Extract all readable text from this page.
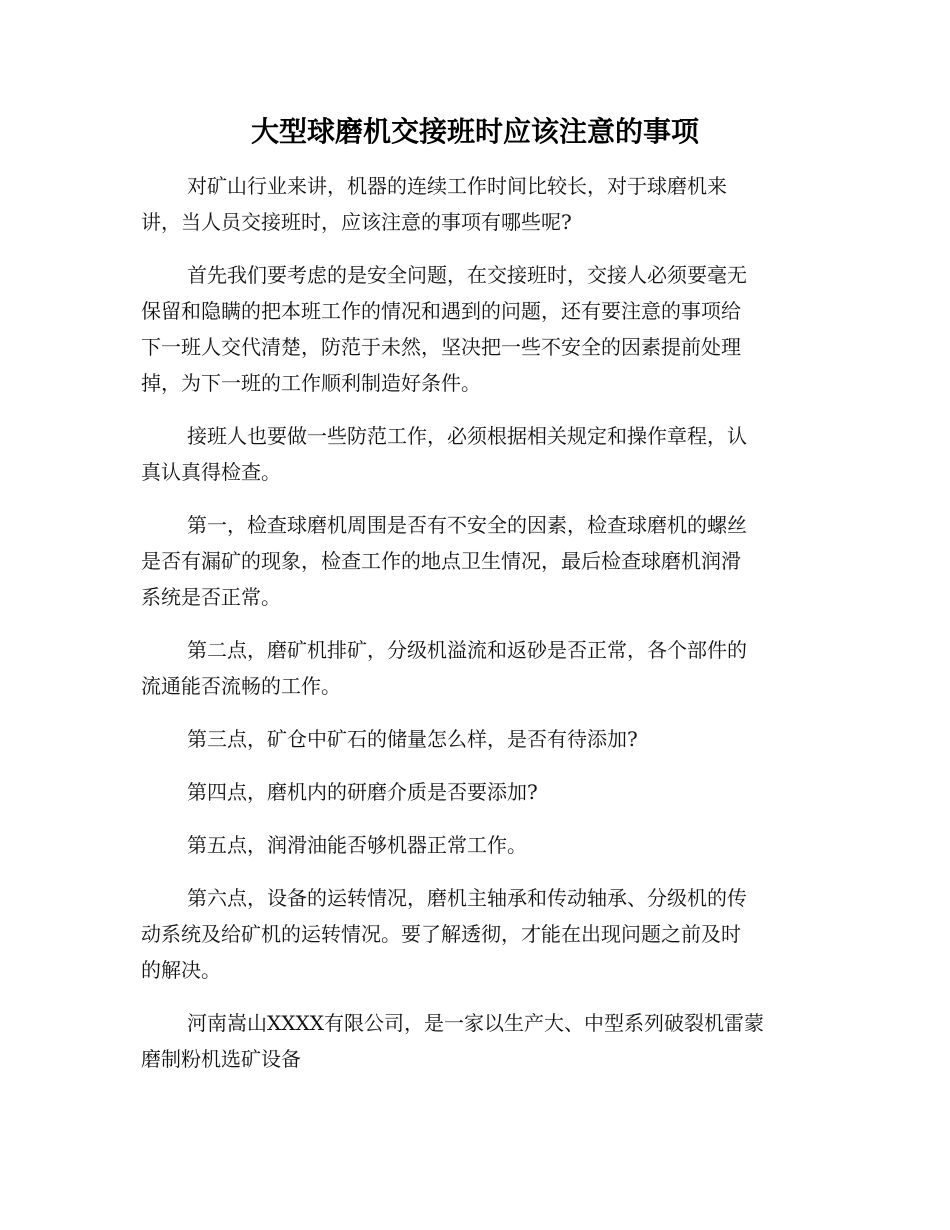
大型球磨机交接班时应该注意的事项

对矿山行业来讲，机器的连续工作时间比较长，对于球磨机来
讲，当人员交接班时，应该注意的事项有哪些呢?

首先我们要考虑的是安全问题，在交接班时，交接人必须要毫无
保留和隐瞒的把本班工作的情况和遇到的问题，还有要注意的事项给
下一班人交代清楚，防范于未然，坚决把一些不安全的因素提前处理
掉，为下一班的工作顺利制造好条件。

接班人也要做一些防范工作，必须根据相关规定和操作章程，认
真认真得检查。

第一，检查球磨机周围是否有不安全的因素，检查球磨机的螺丝
是否有漏矿的现象，检查工作的地点卫生情况，最后检查球磨机润滑
系统是否正常。

第二点，磨矿机排矿，分级机溢流和返砂是否正常，各个部件的
流通能否流畅的工作。

第三点，矿仓中矿石的储量怎么样，是否有待添加?

第四点，磨机内的研磨介质是否要添加?

第五点，润滑油能否够机器正常工作。

第六点，设备的运转情况，磨机主轴承和传动轴承、分级机的传
动系统及给矿机的运转情况。要了解透彻，才能在出现问题之前及时
的解决。

河南嵩山XXXX有限公司，是一家以生产大、中型系列破裂机雷蒙
磨制粉机选矿设备
